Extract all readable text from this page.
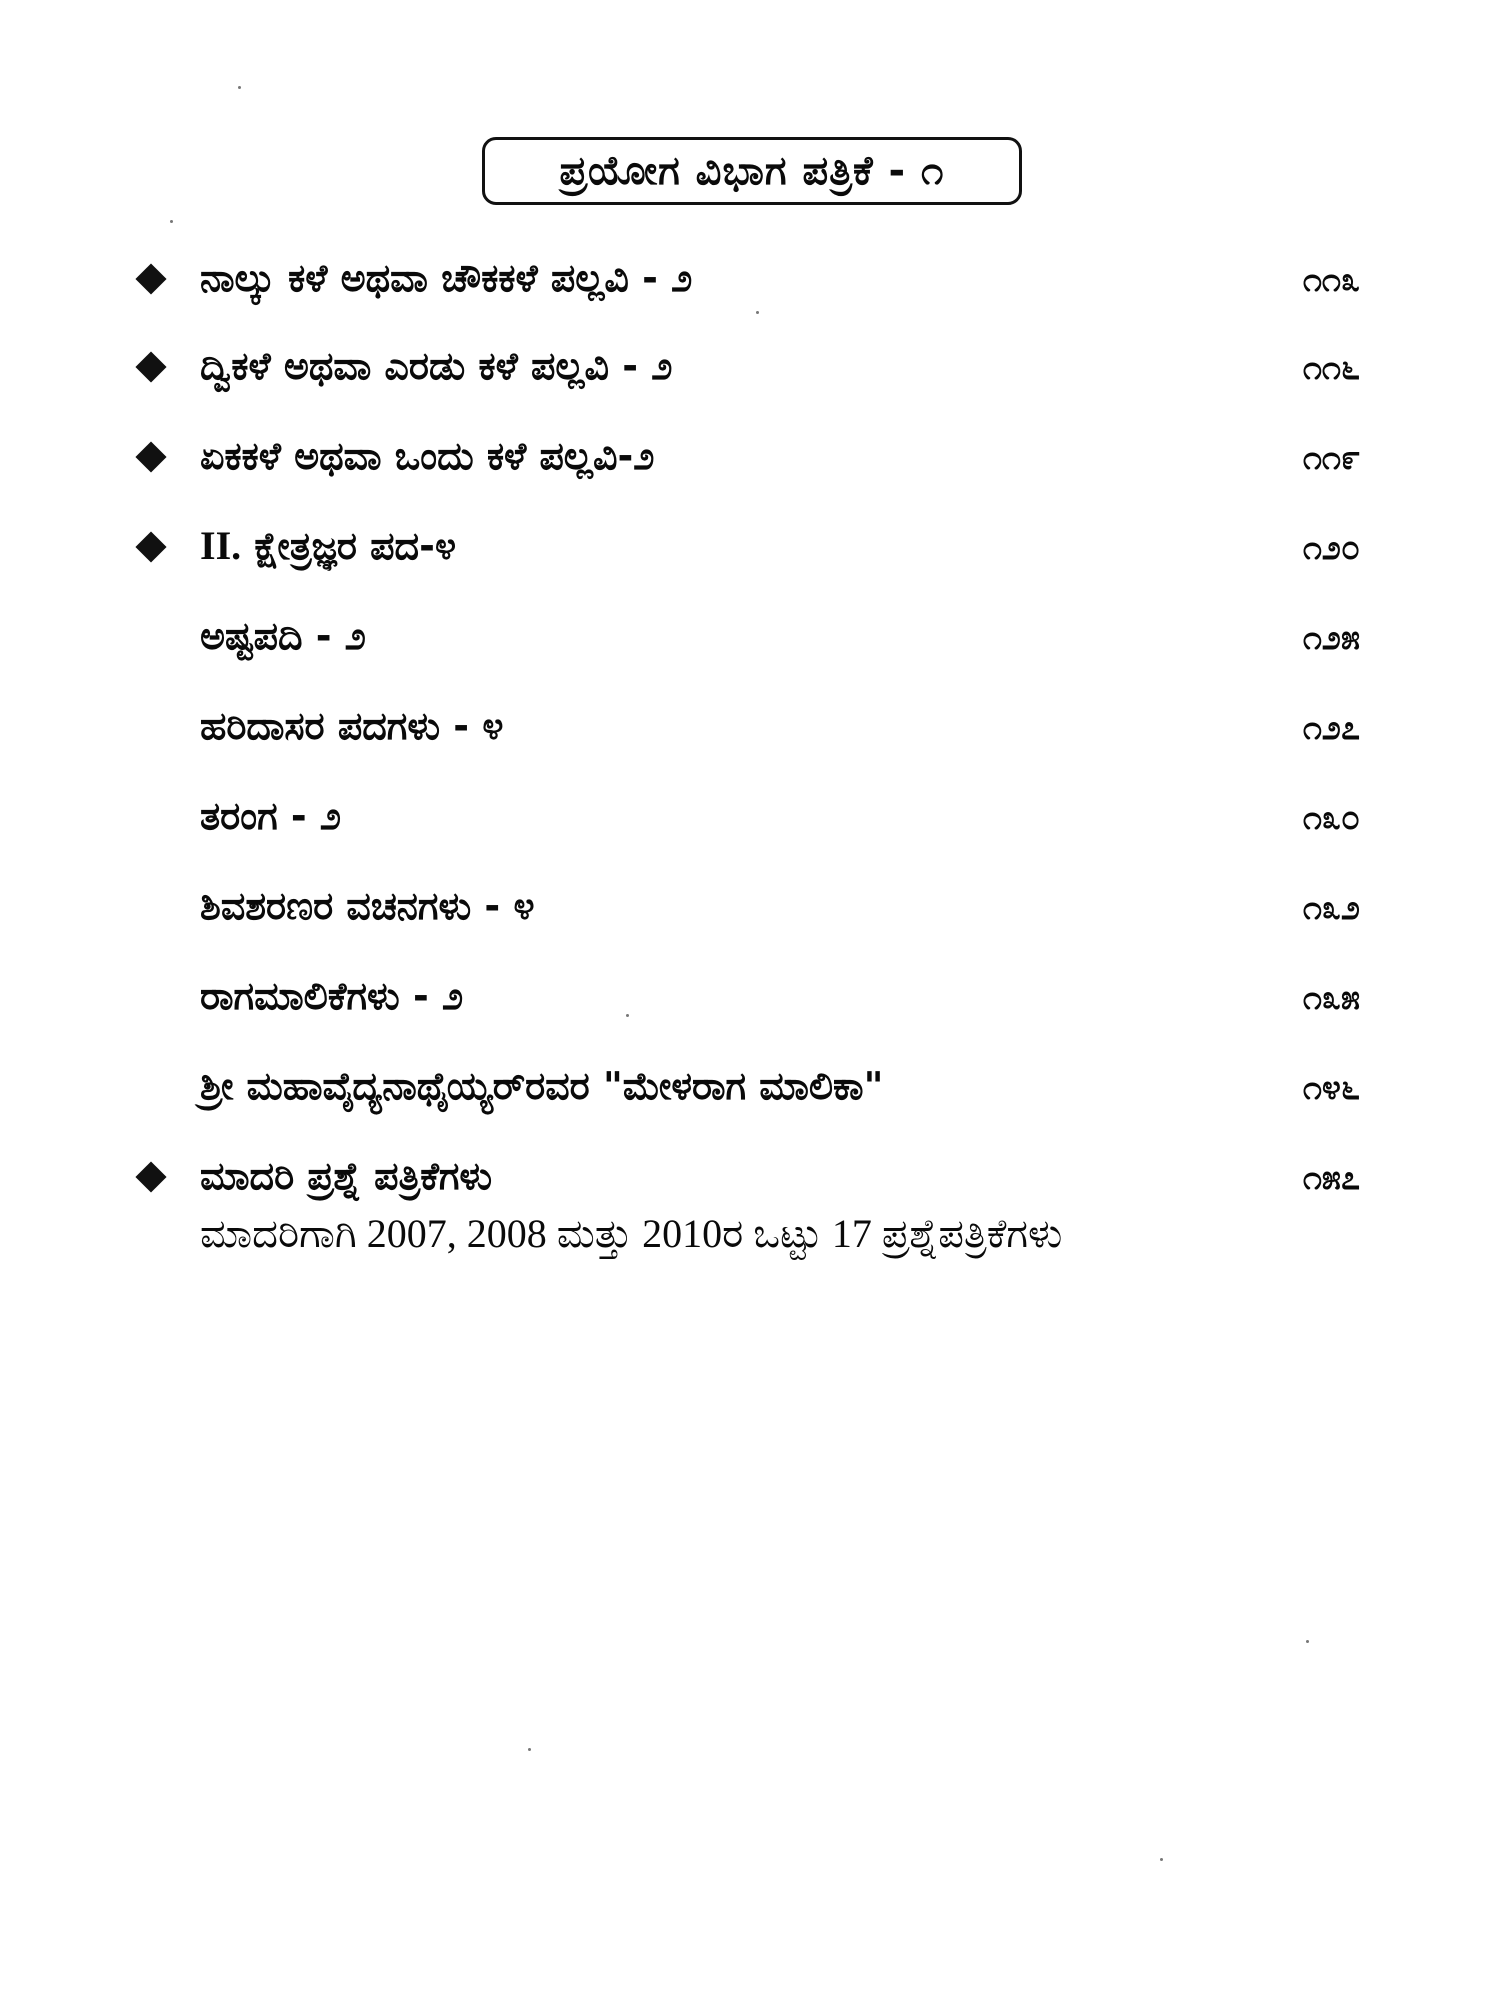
ಪ್ರಯೋಗ ವಿಭಾಗ ಪತ್ರಿಕೆ - ೧
ನಾಲ್ಕು ಕಳೆ ಅಥವಾ ಚೌಕಕಳೆ ಪಲ್ಲವಿ - ೨	೧೧೩
ದ್ವಿಕಳೆ ಅಥವಾ ಎರಡು ಕಳೆ ಪಲ್ಲವಿ - ೨	೧೧೬
ಏಕಕಳೆ ಅಥವಾ ಒಂದು ಕಳೆ ಪಲ್ಲವಿ-೨	೧೧೯
II. ಕ್ಷೇತ್ರಜ್ಞರ ಪದ-೪	೧೨೦
ಅಷ್ಟಪದಿ - ೨	೧೨೫
ಹರಿದಾಸರ ಪದಗಳು - ೪	೧೨೭
ತರಂಗ - ೨	೧೩೦
ಶಿವಶರಣರ ವಚನಗಳು - ೪	೧೩೨
ರಾಗಮಾಲಿಕೆಗಳು - ೨	೧೩೫
ಶ್ರೀ ಮಹಾವೈದ್ಯನಾಥೈಯ್ಯರ್‌ರವರ "ಮೇಳರಾಗ ಮಾಲಿಕಾ"	೧೪೬
ಮಾದರಿ ಪ್ರಶ್ನೆ ಪತ್ರಿಕೆಗಳು	೧೫೭
ಮಾದರಿಗಾಗಿ 2007, 2008 ಮತ್ತು 2010ರ ಒಟ್ಟು 17 ಪ್ರಶ್ನೆಪತ್ರಿಕೆಗಳು
